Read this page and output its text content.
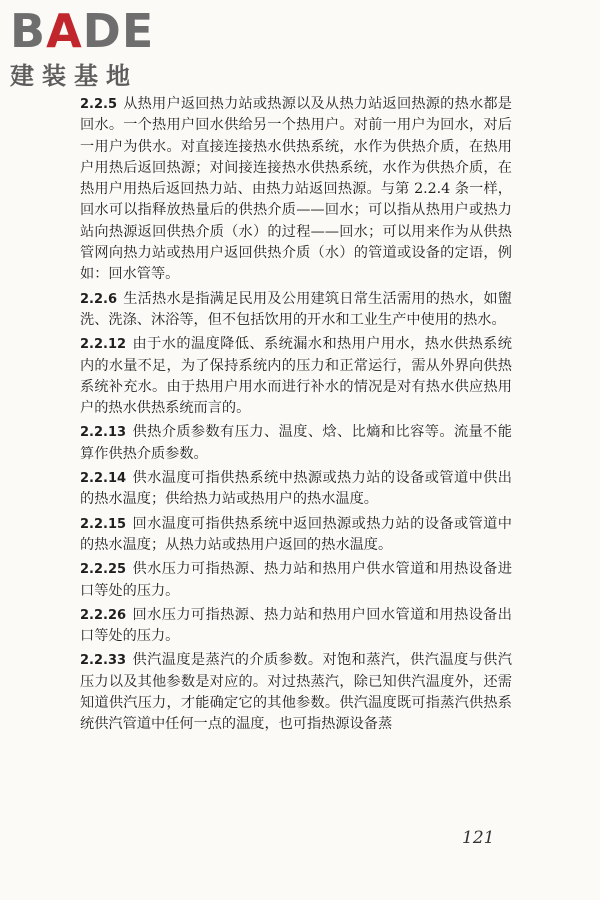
BADE
建装基地

2.2.5 从热用户返回热力站或热源以及从热力站返回热源的热水都是回水。一个热用户回水供给另一个热用户。对前一用户为回水，对后一用户为供水。对直接连接热水供热系统，水作为供热介质，在热用户用热后返回热源；对间接连接热水供热系统，水作为供热介质，在热用户用热后返回热力站、由热力站返回热源。与第 2.2.4 条一样，回水可以指释放热量后的供热介质——回水；可以指从热用户或热力站向热源返回供热介质（水）的过程——回水；可以用来作为从供热管网向热力站或热用户返回供热介质（水）的管道或设备的定语，例如：回水管等。

2.2.6 生活热水是指满足民用及公用建筑日常生活需用的热水，如盥洗、洗涤、沐浴等，但不包括饮用的开水和工业生产中使用的热水。

2.2.12 由于水的温度降低、系统漏水和热用户用水，热水供热系统内的水量不足，为了保持系统内的压力和正常运行，需从外界向供热系统补充水。由于热用户用水而进行补水的情况是对有热水供应热用户的热水供热系统而言的。

2.2.13 供热介质参数有压力、温度、焓、比熵和比容等。流量不能算作供热介质参数。

2.2.14 供水温度可指供热系统中热源或热力站的设备或管道中供出的热水温度；供给热力站或热用户的热水温度。

2.2.15 回水温度可指供热系统中返回热源或热力站的设备或管道中的热水温度；从热力站或热用户返回的热水温度。

2.2.25 供水压力可指热源、热力站和热用户供水管道和用热设备进口等处的压力。

2.2.26 回水压力可指热源、热力站和热用户回水管道和用热设备出口等处的压力。

2.2.33 供汽温度是蒸汽的介质参数。对饱和蒸汽，供汽温度与供汽压力以及其他参数是对应的。对过热蒸汽，除已知供汽温度外，还需知道供汽压力，才能确定它的其他参数。供汽温度既可指蒸汽供热系统供汽管道中任何一点的温度，也可指热源设备蒸

121
